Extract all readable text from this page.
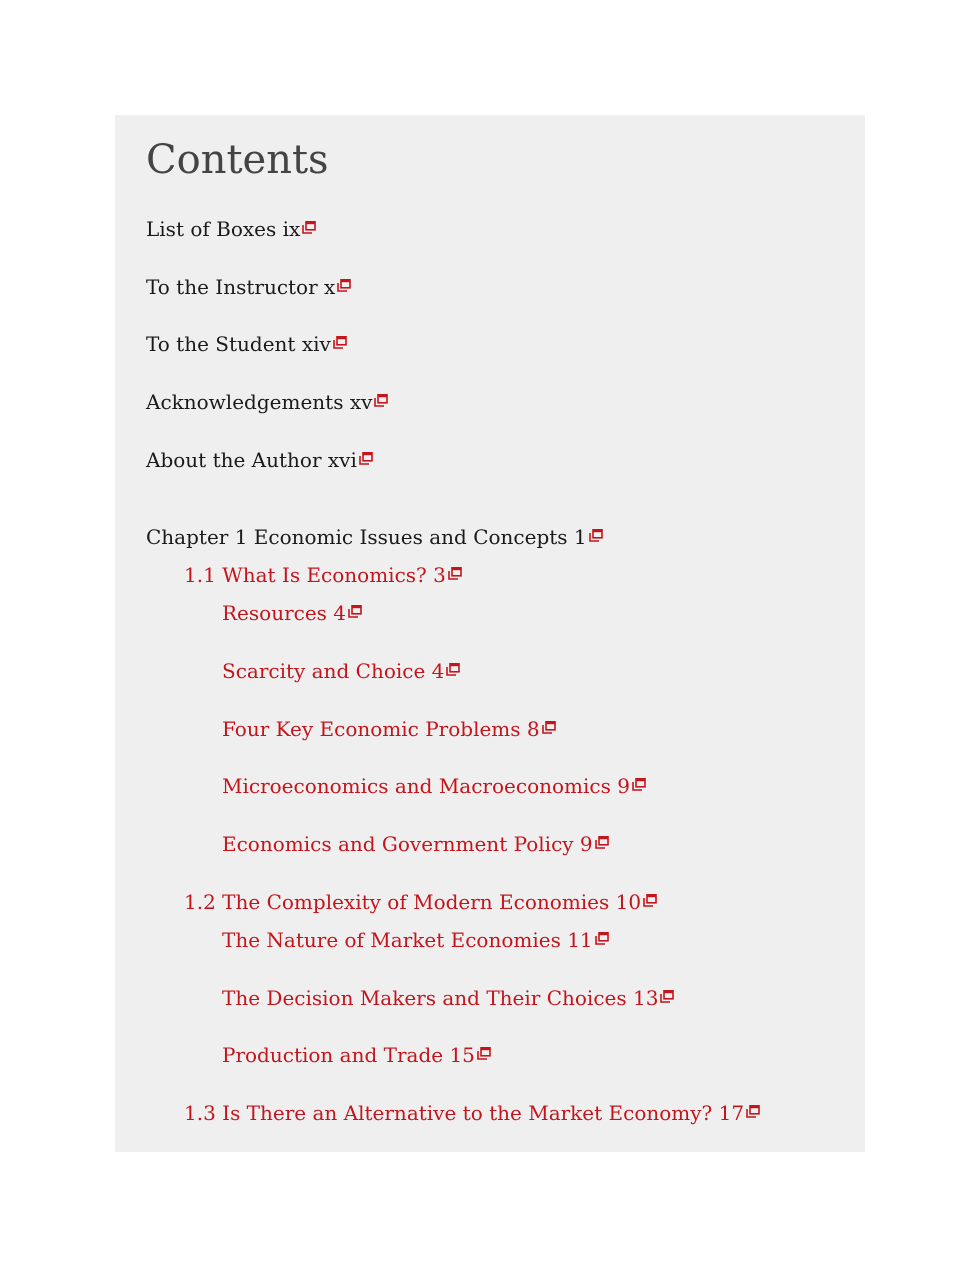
Contents
List of Boxes ix
To the Instructor x
To the Student xiv
Acknowledgements xv
About the Author xvi
Chapter 1 Economic Issues and Concepts 1
1.1 What Is Economics? 3
Resources 4
Scarcity and Choice 4
Four Key Economic Problems 8
Microeconomics and Macroeconomics 9
Economics and Government Policy 9
1.2 The Complexity of Modern Economies 10
The Nature of Market Economies 11
The Decision Makers and Their Choices 13
Production and Trade 15
1.3 Is There an Alternative to the Market Economy? 17
